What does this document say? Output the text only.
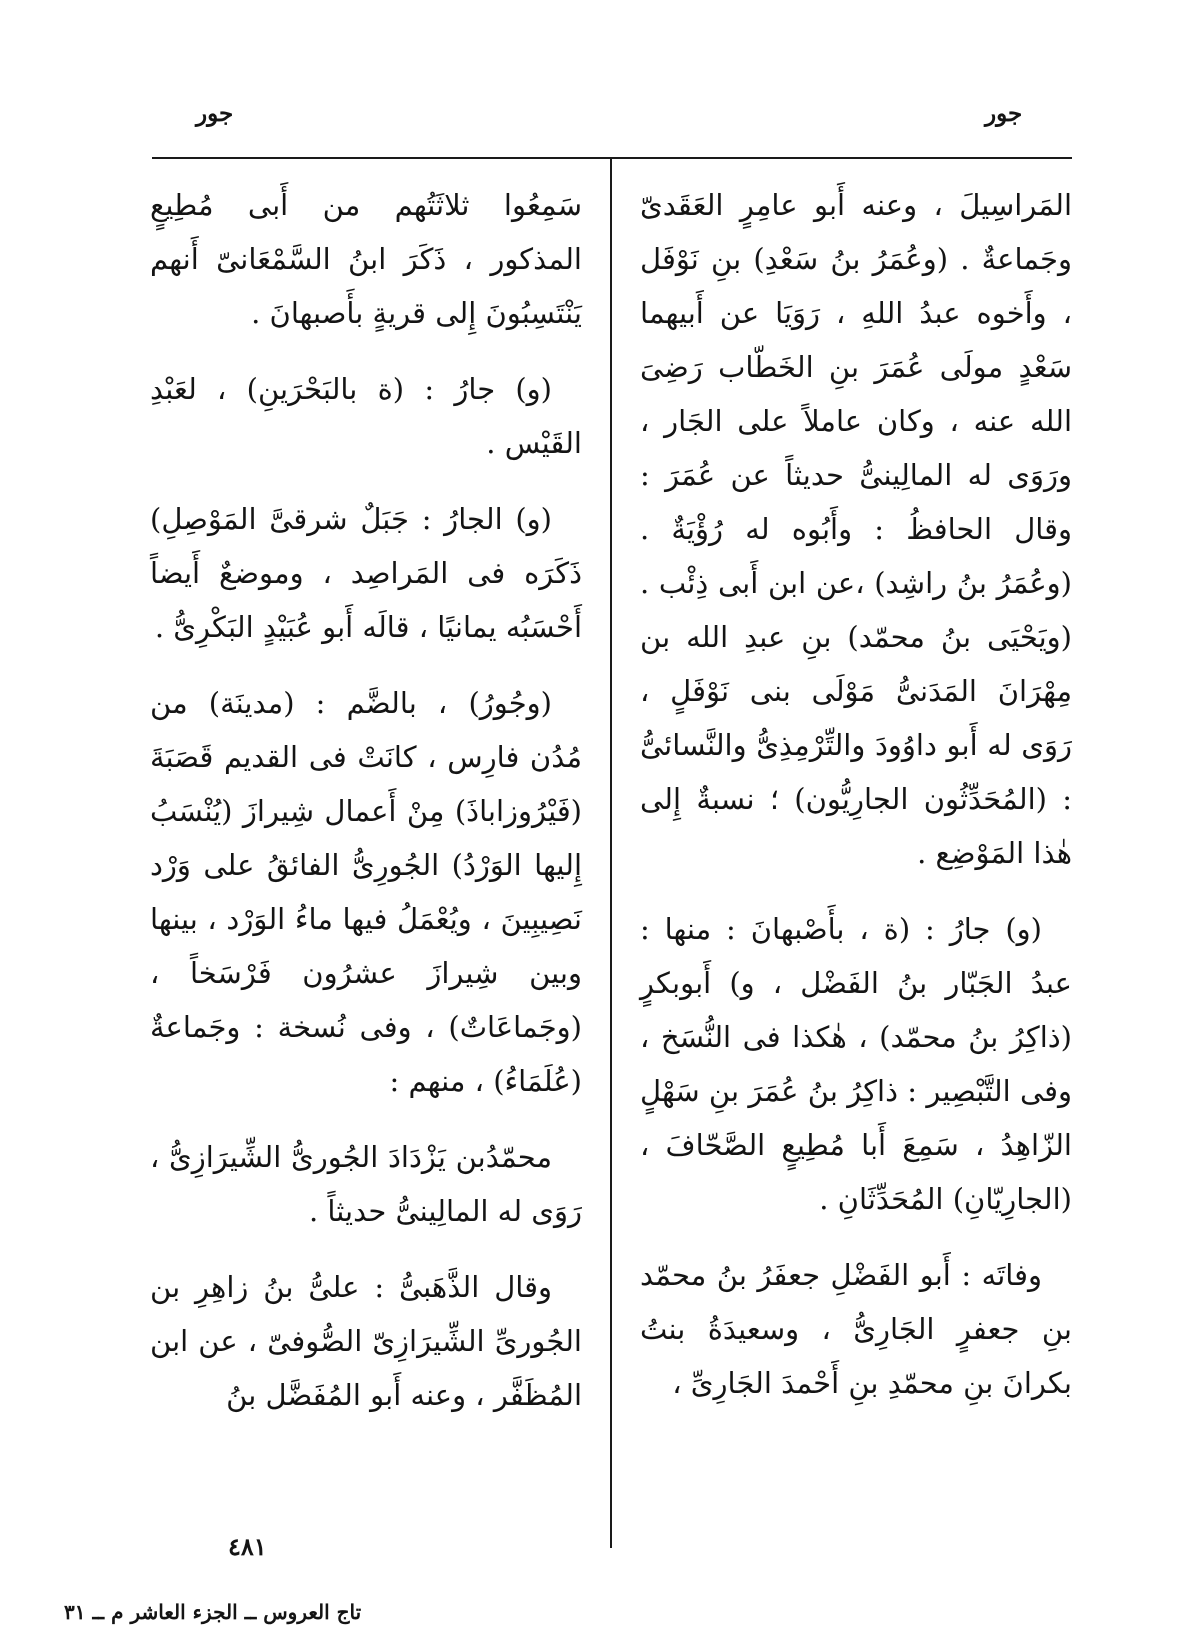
جور	جور

المَراسِيلَ ، وعنه أَبو عامِرٍ العَقَدىّ وجَماعةٌ . (وعُمَرُ بنُ سَعْدِ) بنِ نَوْفَل ، وأَخوه عبدُ اللهِ ، رَوَيَا عن أَبيهما سَعْدٍ مولَى عُمَرَ بنِ الخَطّاب رَضِىَ الله عنه ، وكان عاملاً على الجَار ، ورَوَى له المالِينىُّ حديثاً عن عُمَرَ : وقال الحافظُ : وأَبُوه له رُؤْيَةٌ . (وعُمَرُ بنُ راشِد) ،عن ابن أَبى ذِئْب . (ويَحْيَى بنُ محمّد) بنِ عبدِ الله بن مِهْرَانَ المَدَنىُّ مَوْلَى بنى نَوْفَلٍ ، رَوَى له أَبو داوُودَ والتِّرْمِذِىُّ والنَّسائىُّ : (المُحَدِّثُون الجارِيُّون) ؛ نسبةٌ إِلى هٰذا المَوْضِع .

(و) جارُ : (ة ، بأَصْبهانَ : منها : عبدُ الجَبّار بنُ الفَضْل ، و) أَبوبكرٍ (ذاكِرُ بنُ محمّد) ، هٰكذا فى النُّسَخ ، وفى التَّبْصِير : ذاكِرُ بنُ عُمَرَ بنِ سَهْلٍ الزّاهِدُ ، سَمِعَ أَبا مُطِيعٍ الصَّحّافَ ، (الجارِيّانِ) المُحَدِّثَانِ .

وفاتَه : أَبو الفَضْلِ جعفَرُ بنُ محمّد بنِ جعفرٍ الجَارِىُّ ، وسعيدَةُ بنتُ بكرانَ بنِ محمّدِ بنِ أَحْمدَ الجَارِىِّ ،

سَمِعُوا ثلاثَتُهم من أَبى مُطِيعٍ المذكور ، ذَكَرَ ابنُ السَّمْعَانىّ أَنهم يَنْتَسِبُونَ إِلى قريةٍ بأَصبهانَ .

(و) جارُ : (ة بالبَحْرَينِ) ، لعَبْدِ القَيْس .

(و) الجارُ : جَبَلٌ شرقىَّ المَوْصِلِ) ذَكَرَه فى المَراصِد ، وموضعٌ أَيضاً أَحْسَبُه يمانيًا ، قالَه أَبو عُبَيْدٍ البَكْرِىُّ .

(وجُورُ) ، بالضَّم : (مدينَة) من مُدُن فارِس ، كانَتْ فى القديم قَصَبَةَ (فَيْرُوزاباذَ) مِنْ أَعمال شِيرازَ (يُنْسَبُ إِليها الوَرْدُ) الجُورِىُّ الفائقُ على وَرْد نَصِيبِينَ ، ويُعْمَلُ فيها ماءُ الوَرْد ، بينها وبين شِيرازَ عشرُون فَرْسَخاً ، (وجَماعَاتٌ) ، وفى نُسخة : وجَماعةٌ (عُلَمَاءُ) ، منهم :

محمّدُبن يَزْدَادَ الجُورىُّ الشِّيرَازِىُّ ، رَوَى له المالِينىُّ حديثاً .

وقال الذَّهَبىُّ : علىُّ بنُ زاهِرِ بن الجُورىِّ الشِّيرَازِىّ الصُّوفىّ ، عن ابن المُظَفَّر ، وعنه أَبو المُفَضَّل بنُ

٤٨١
تاج العروس ــ الجزء العاشر م ــ ٣١
